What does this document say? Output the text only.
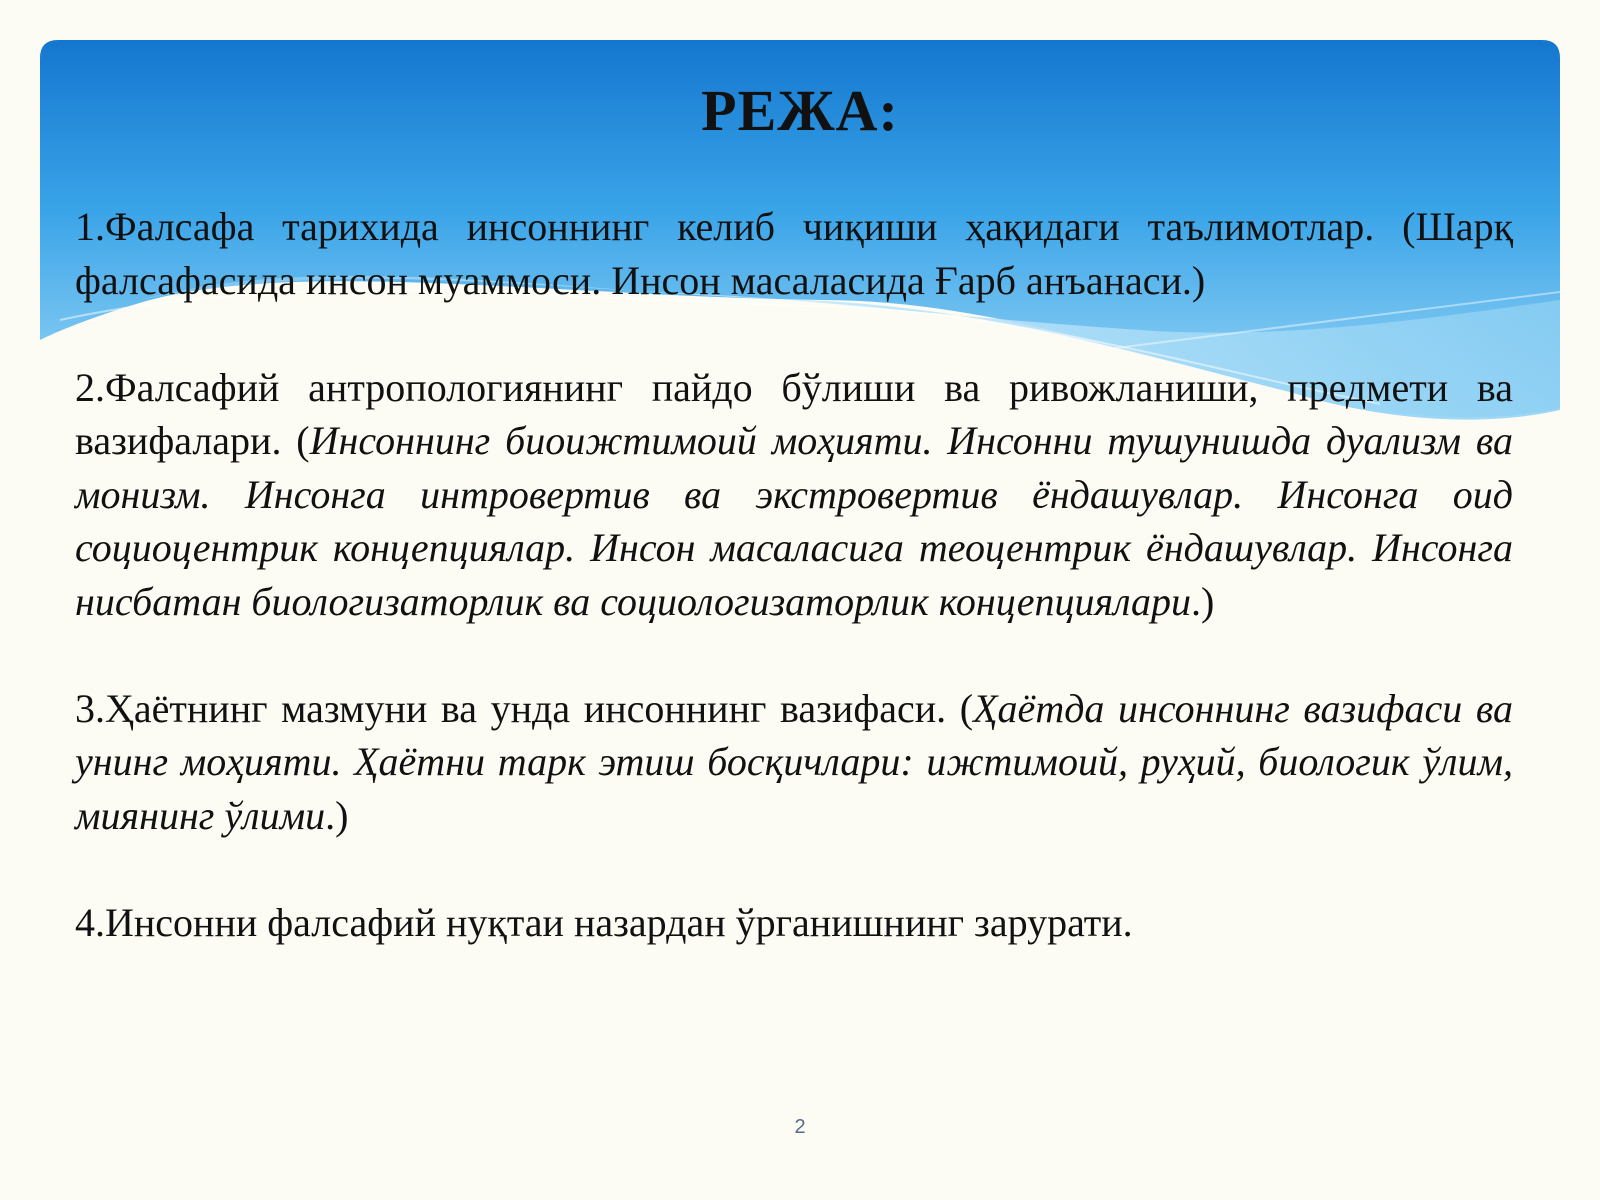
РЕЖА:

1.Фалсафа тарихида инсоннинг келиб чиқиши ҳақидаги таълимотлар. (Шарқ фалсафасида инсон муаммоси. Инсон масаласида Ғарб анъанаси.)

2.Фалсафий антропологиянинг пайдо бўлиши ва ривожланиши, предмети ва вазифалари. (Инсоннинг биоижтимоий моҳияти. Инсонни тушунишда дуализм ва монизм. Инсонга интровертив ва экстровертив ёндашувлар. Инсонга оид социоцентрик концепциялар. Инсон масаласига теоцентрик ёндашувлар. Инсонга нисбатан биологизаторлик ва социологизаторлик концепциялари.)

3.Ҳаётнинг мазмуни ва унда инсоннинг вазифаси. (Ҳаётда инсоннинг вазифаси ва унинг моҳияти. Ҳаётни тарк этиш босқичлари: ижтимоий, руҳий, биологик ўлим, миянинг ўлими.)

4.Инсонни фалсафий нуқтаи назардан ўрганишнинг зарурати.

2
